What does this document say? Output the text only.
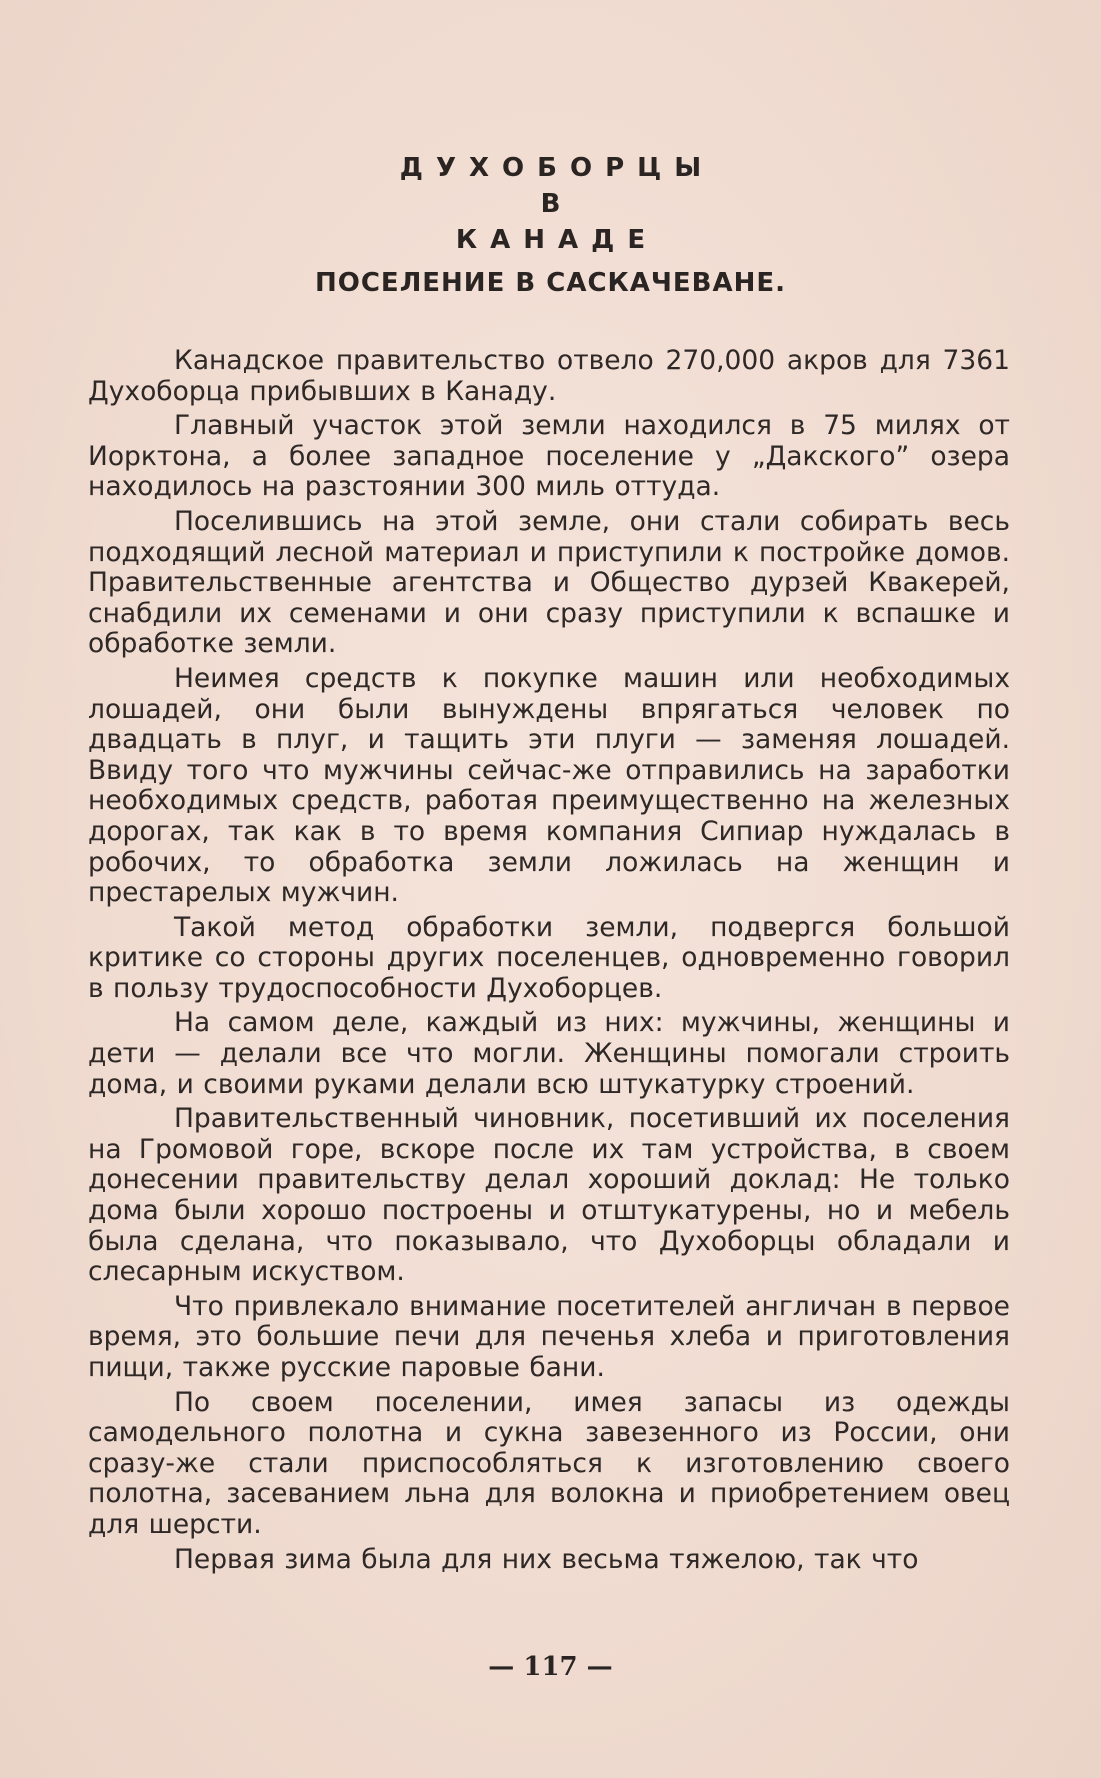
ДУХОБОРЦЫ
В
КАНАДЕ
ПОСЕЛЕНИЕ В САСКАЧЕВАНЕ.

Канадское правительство отвело 270,000 акров для 7361 Духоборца прибывших в Канаду.

Главный участок этой земли находился в 75 милях от Иорктона, а более западное поселение у „Дакского” озера находилось на разстоянии 300 миль оттуда.

Поселившись на этой земле, они стали собирать весь подходящий лесной материал и приступили к постройке домов. Правительственные агентства и Общество дурзей Квакерей, снабдили их семенами и они сразу приступили к вспашке и обработке земли.

Неимея средств к покупке машин или необходимых лошадей, они были вынуждены впрягаться человек по двадцать в плуг, и тащить эти плуги — заменяя лошадей. Ввиду того что мужчины сейчас-же отправились на заработки необходимых средств, работая преимущественно на железных дорогах, так как в то время компания Сипиар нуждалась в робочих, то обработка земли ложилась на женщин и престарелых мужчин.

Такой метод обработки земли, подвергся большой критике со стороны других поселенцев, одновременно говорил в пользу трудоспособности Духоборцев.

На самом деле, каждый из них: мужчины, женщины и дети — делали все что могли. Женщины помогали строить дома, и своими руками делали всю штукатурку строений.

Правительственный чиновник, посетивший их поселения на Громовой горе, вскоре после их там устройства, в своем донесении правительству делал хороший доклад: Не только дома были хорошо построены и отштукатурены, но и мебель была сделана, что показывало, что Духоборцы обладали и слесарным искуством.

Что привлекало внимание посетителей англичан в первое время, это большие печи для печенья хлеба и приготовления пищи, также русские паровые бани.

По своем поселении, имея запасы из одежды самодельного полотна и сукна завезенного из России, они сразу-же стали приспособляться к изготовлению своего полотна, засеванием льна для волокна и приобретением овец для шерсти.

Первая зима была для них весьма тяжелою, так что

— 117 —
